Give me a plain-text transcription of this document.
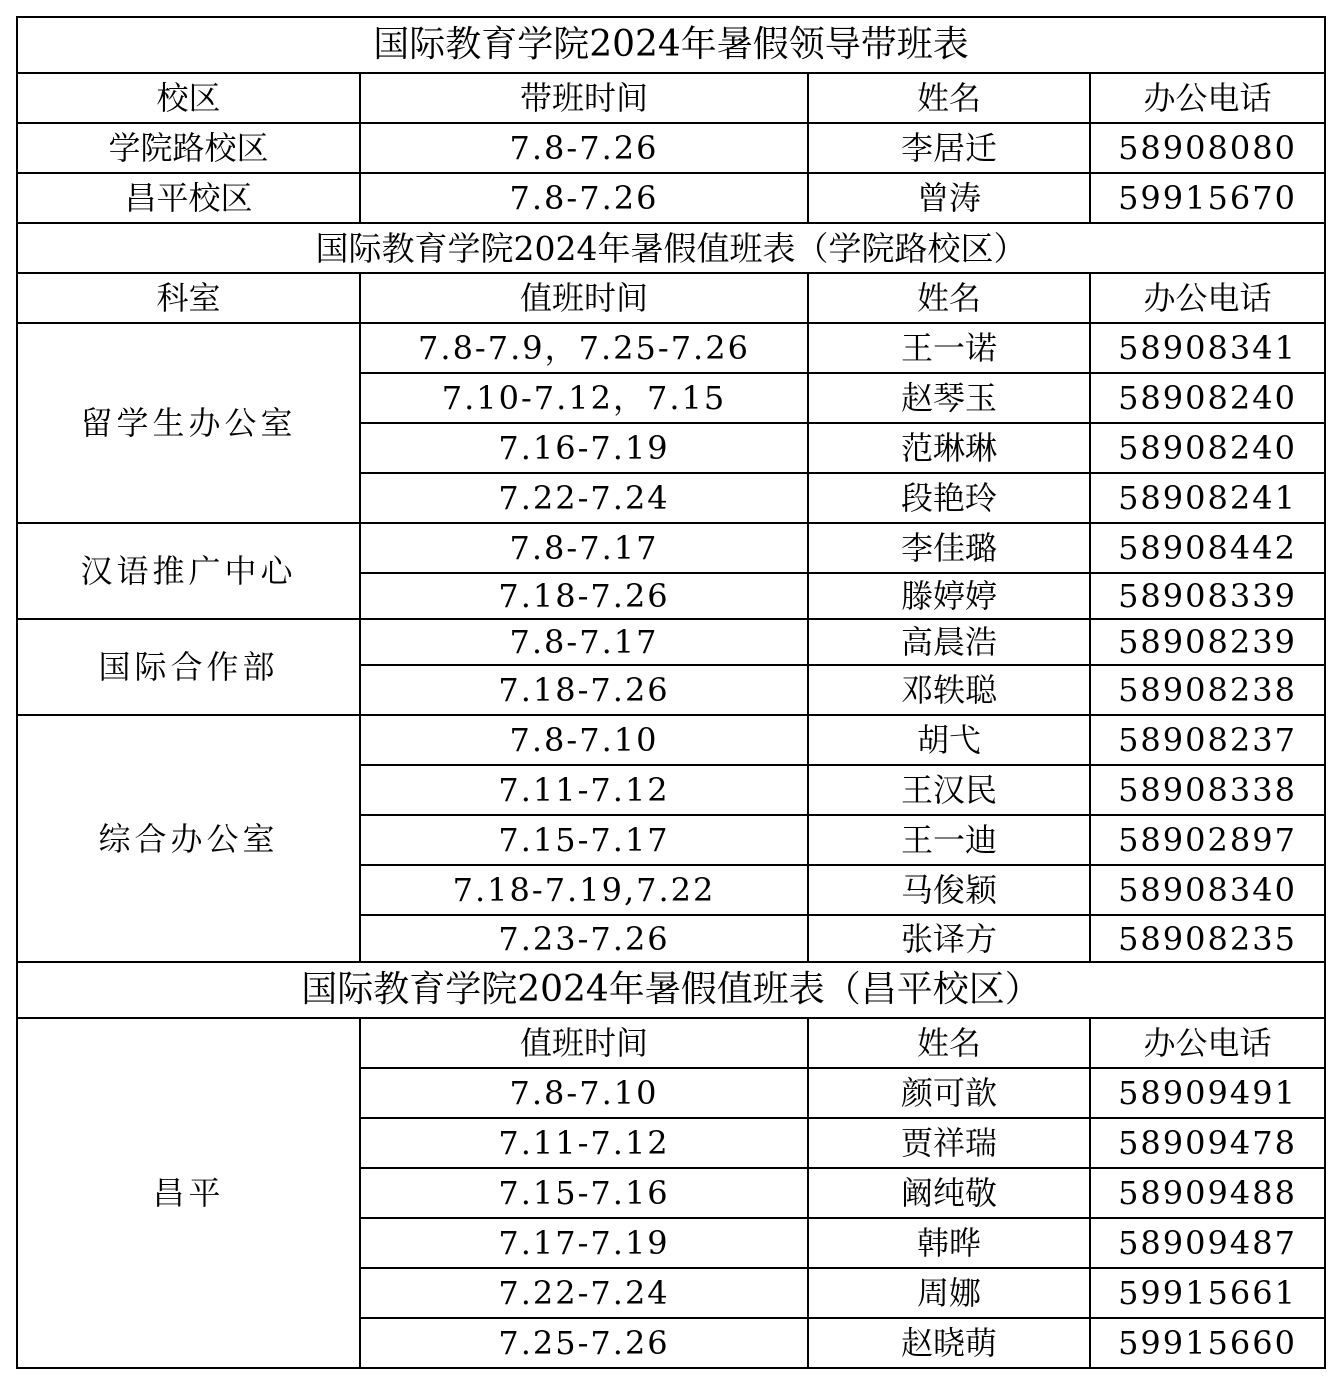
国际教育学院2024年暑假领导带班表			
校区	带班时间	姓名	办公电话
学院路校区	7.8-7.26	李居迁	58908080
昌平校区	7.8-7.26	曾涛	59915670
国际教育学院2024年暑假值班表（学院路校区）			
科室	值班时间	姓名	办公电话
留学生办公室	7.8-7.9，7.25-7.26	王一诺	58908341
	7.10-7.12，7.15	赵琴玉	58908240
	7.16-7.19	范琳琳	58908240
	7.22-7.24	段艳玲	58908241
汉语推广中心	7.8-7.17	李佳璐	58908442
	7.18-7.26	滕婷婷	58908339
国际合作部	7.8-7.17	高晨浩	58908239
	7.18-7.26	邓轶聪	58908238
综合办公室	7.8-7.10	胡弋	58908237
	7.11-7.12	王汉民	58908338
	7.15-7.17	王一迪	58902897
	7.18-7.19,7.22	马俊颖	58908340
	7.23-7.26	张译方	58908235
国际教育学院2024年暑假值班表（昌平校区）			
昌平	值班时间	姓名	办公电话
	7.8-7.10	颜可歆	58909491
	7.11-7.12	贾祥瑞	58909478
	7.15-7.16	阚纯敬	58909488
	7.17-7.19	韩晔	58909487
	7.22-7.24	周娜	59915661
	7.25-7.26	赵晓萌	59915660
